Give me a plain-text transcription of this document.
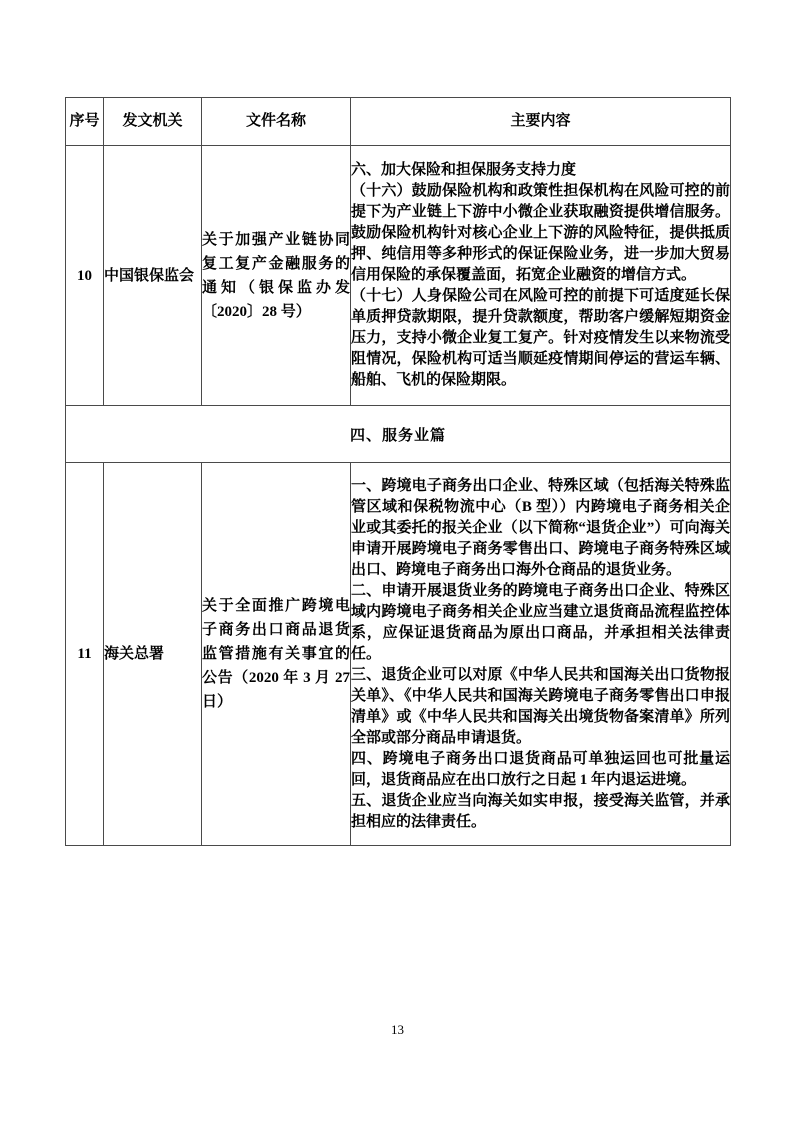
序号	发文机关	文件名称	主要内容
10	中国银保监会	关于加强产业链协同复工复产金融服务的通知（银保监办发〔2020〕28 号）	六、加大保险和担保服务支持力度
（十六）鼓励保险机构和政策性担保机构在风险可控的前提下为产业链上下游中小微企业获取融资提供增信服务。鼓励保险机构针对核心企业上下游的风险特征，提供抵质押、纯信用等多种形式的保证保险业务，进一步加大贸易信用保险的承保覆盖面，拓宽企业融资的增信方式。
（十七）人身保险公司在风险可控的前提下可适度延长保单质押贷款期限，提升贷款额度，帮助客户缓解短期资金压力，支持小微企业复工复产。针对疫情发生以来物流受阻情况，保险机构可适当顺延疫情期间停运的营运车辆、船舶、飞机的保险期限。

四、服务业篇			
11	海关总署	关于全面推广跨境电子商务出口商品退货监管措施有关事宜的公告（2020 年 3 月 27 日）	一、跨境电子商务出口企业、特殊区域（包括海关特殊监管区域和保税物流中心（B 型））内跨境电子商务相关企业或其委托的报关企业（以下简称“退货企业”）可向海关申请开展跨境电子商务零售出口、跨境电子商务特殊区域出口、跨境电子商务出口海外仓商品的退货业务。
二、申请开展退货业务的跨境电子商务出口企业、特殊区域内跨境电子商务相关企业应当建立退货商品流程监控体系，应保证退货商品为原出口商品，并承担相关法律责任。
三、退货企业可以对原《中华人民共和国海关出口货物报关单》、《中华人民共和国海关跨境电子商务零售出口申报清单》或《中华人民共和国海关出境货物备案清单》所列全部或部分商品申请退货。
四、跨境电子商务出口退货商品可单独运回也可批量运回，退货商品应在出口放行之日起 1 年内退运进境。
五、退货企业应当向海关如实申报，接受海关监管，并承担相应的法律责任。
13
